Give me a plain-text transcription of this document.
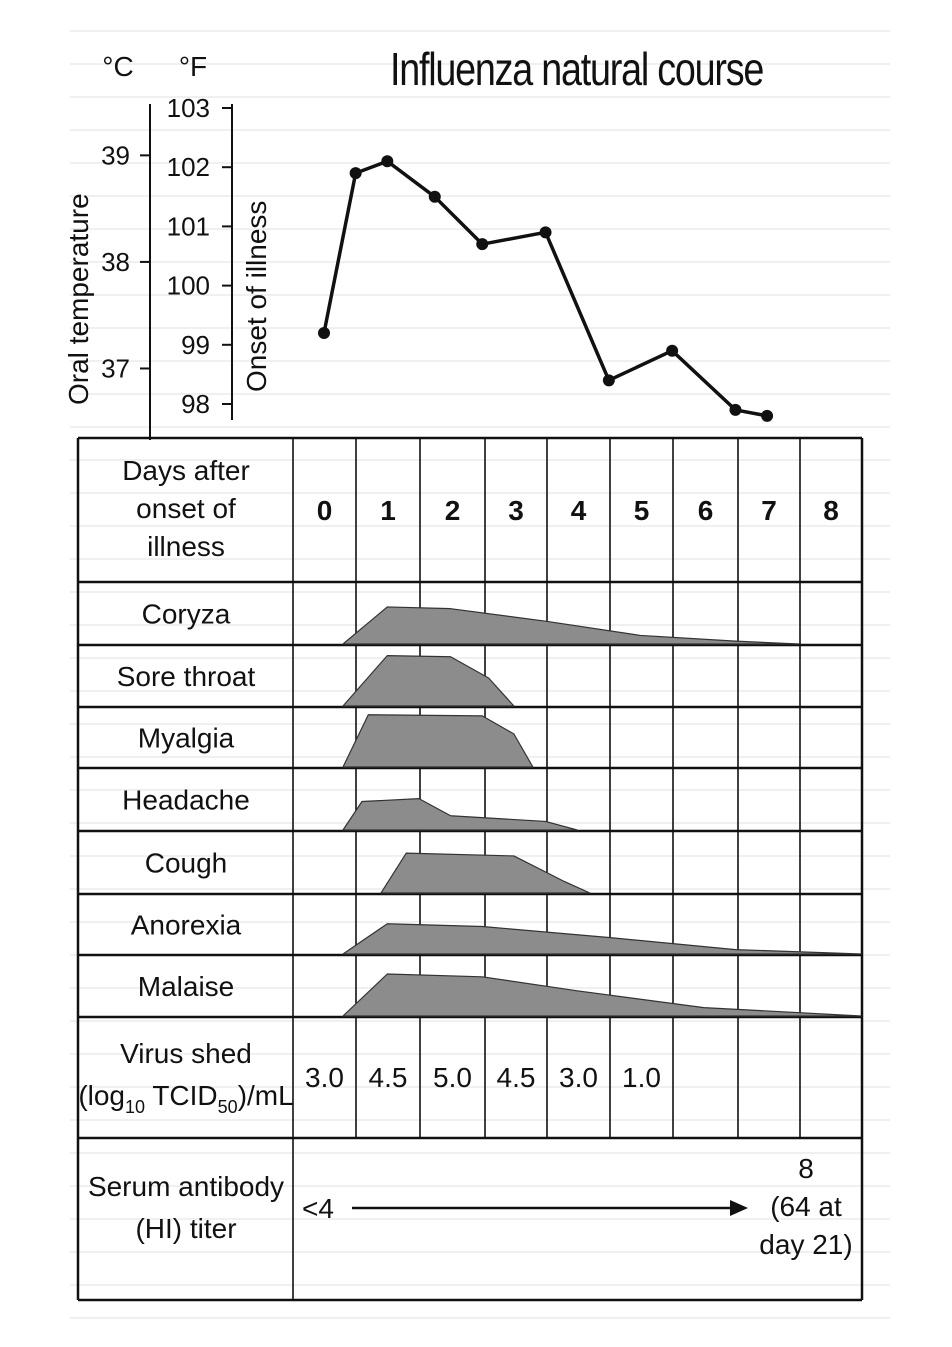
Influenza natural course
98
99
100
101
102
103
°F
37
38
39
°C
Oral temperature	Onset of illness
Days after
onset of
illness
0 1 2 3 4 5 6 7 8
Coryza
Sore throat
Myalgia
Headache
Cough
Anorexia
Malaise
Virus shed
($\log_{10}$ $TCID_{50})/mL$
3.0 4.5 5.0 4.5 3.0 1.0
Serum antibody
(HI) titer
<4
8
(64 at
day 21)
